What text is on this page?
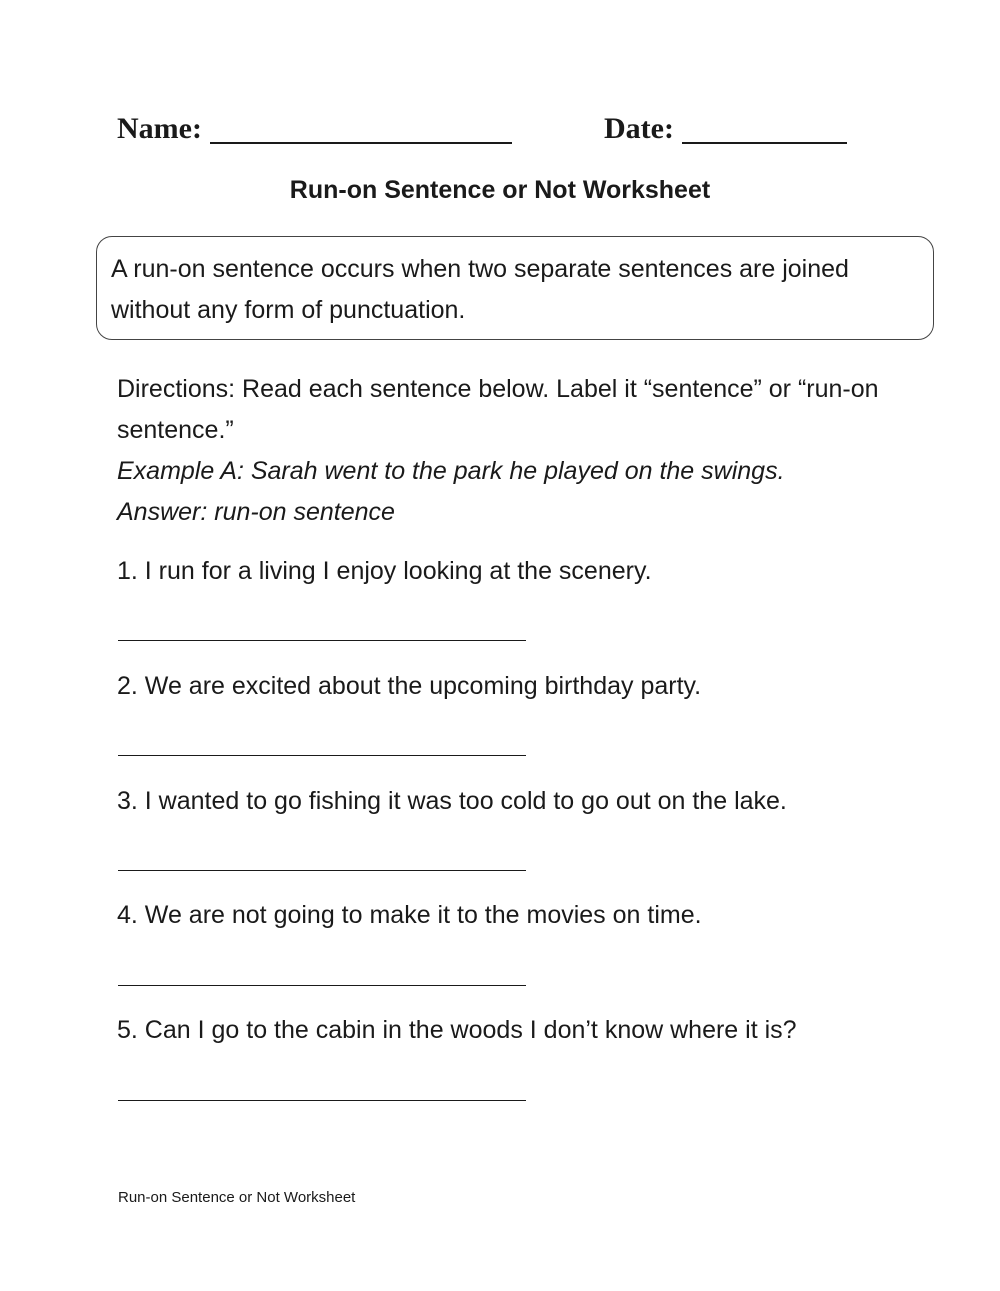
Name:	Date:
Run-on Sentence or Not Worksheet
A run-on sentence occurs when two separate sentences are joined without any form of punctuation.
Directions: Read each sentence below. Label it “sentence” or “run-on sentence.”
Example A: Sarah went to the park he played on the swings.
Answer: run-on sentence
1. I run for a living I enjoy looking at the scenery.
2. We are excited about the upcoming birthday party.
3. I wanted to go fishing it was too cold to go out on the lake.
4. We are not going to make it to the movies on time.
5. Can I go to the cabin in the woods I don’t know where it is?
Run-on Sentence or Not Worksheet
